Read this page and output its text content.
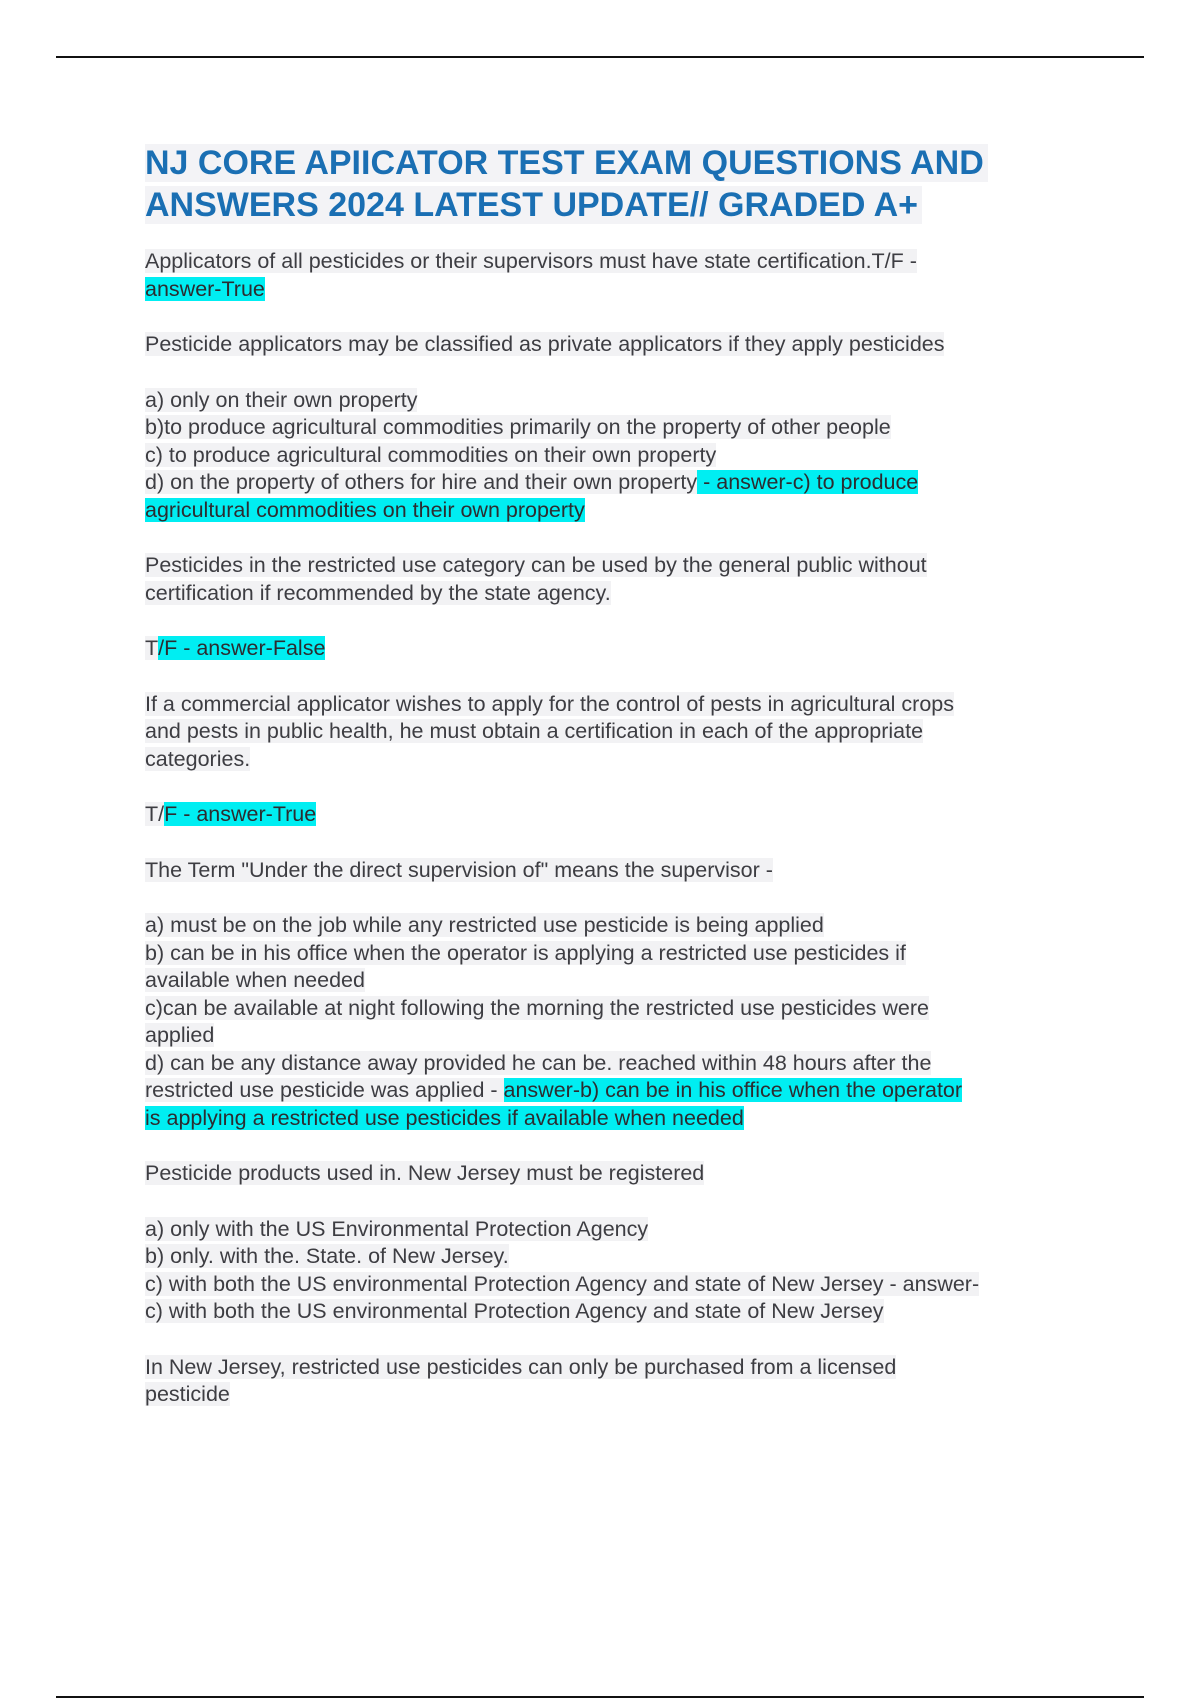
NJ CORE APIICATOR TEST EXAM QUESTIONS AND
ANSWERS 2024 LATEST UPDATE// GRADED A+

Applicators of all pesticides or their supervisors must have state certification.T/F -
answer-True

Pesticide applicators may be classified as private applicators if they apply pesticides

a) only on their own property
b)to produce agricultural commodities primarily on the property of other people
c) to produce agricultural commodities on their own property
d) on the property of others for hire and their own property - answer-c) to produce
agricultural commodities on their own property

Pesticides in the restricted use category can be used by the general public without
certification if recommended by the state agency.

T/F - answer-False

If a commercial applicator wishes to apply for the control of pests in agricultural crops
and pests in public health, he must obtain a certification in each of the appropriate
categories.

T/F - answer-True

The Term "Under the direct supervision of" means the supervisor -

a) must be on the job while any restricted use pesticide is being applied
b) can be in his office when the operator is applying a restricted use pesticides if
available when needed
c)can be available at night following the morning the restricted use pesticides were
applied
d) can be any distance away provided he can be. reached within 48 hours after the
restricted use pesticide was applied - answer-b) can be in his office when the operator
is applying a restricted use pesticides if available when needed

Pesticide products used in. New Jersey must be registered

a) only with the US Environmental Protection Agency
b) only. with the. State. of New Jersey.
c) with both the US environmental Protection Agency and state of New Jersey - answer-
c) with both the US environmental Protection Agency and state of New Jersey

In New Jersey, restricted use pesticides can only be purchased from a licensed
pesticide
